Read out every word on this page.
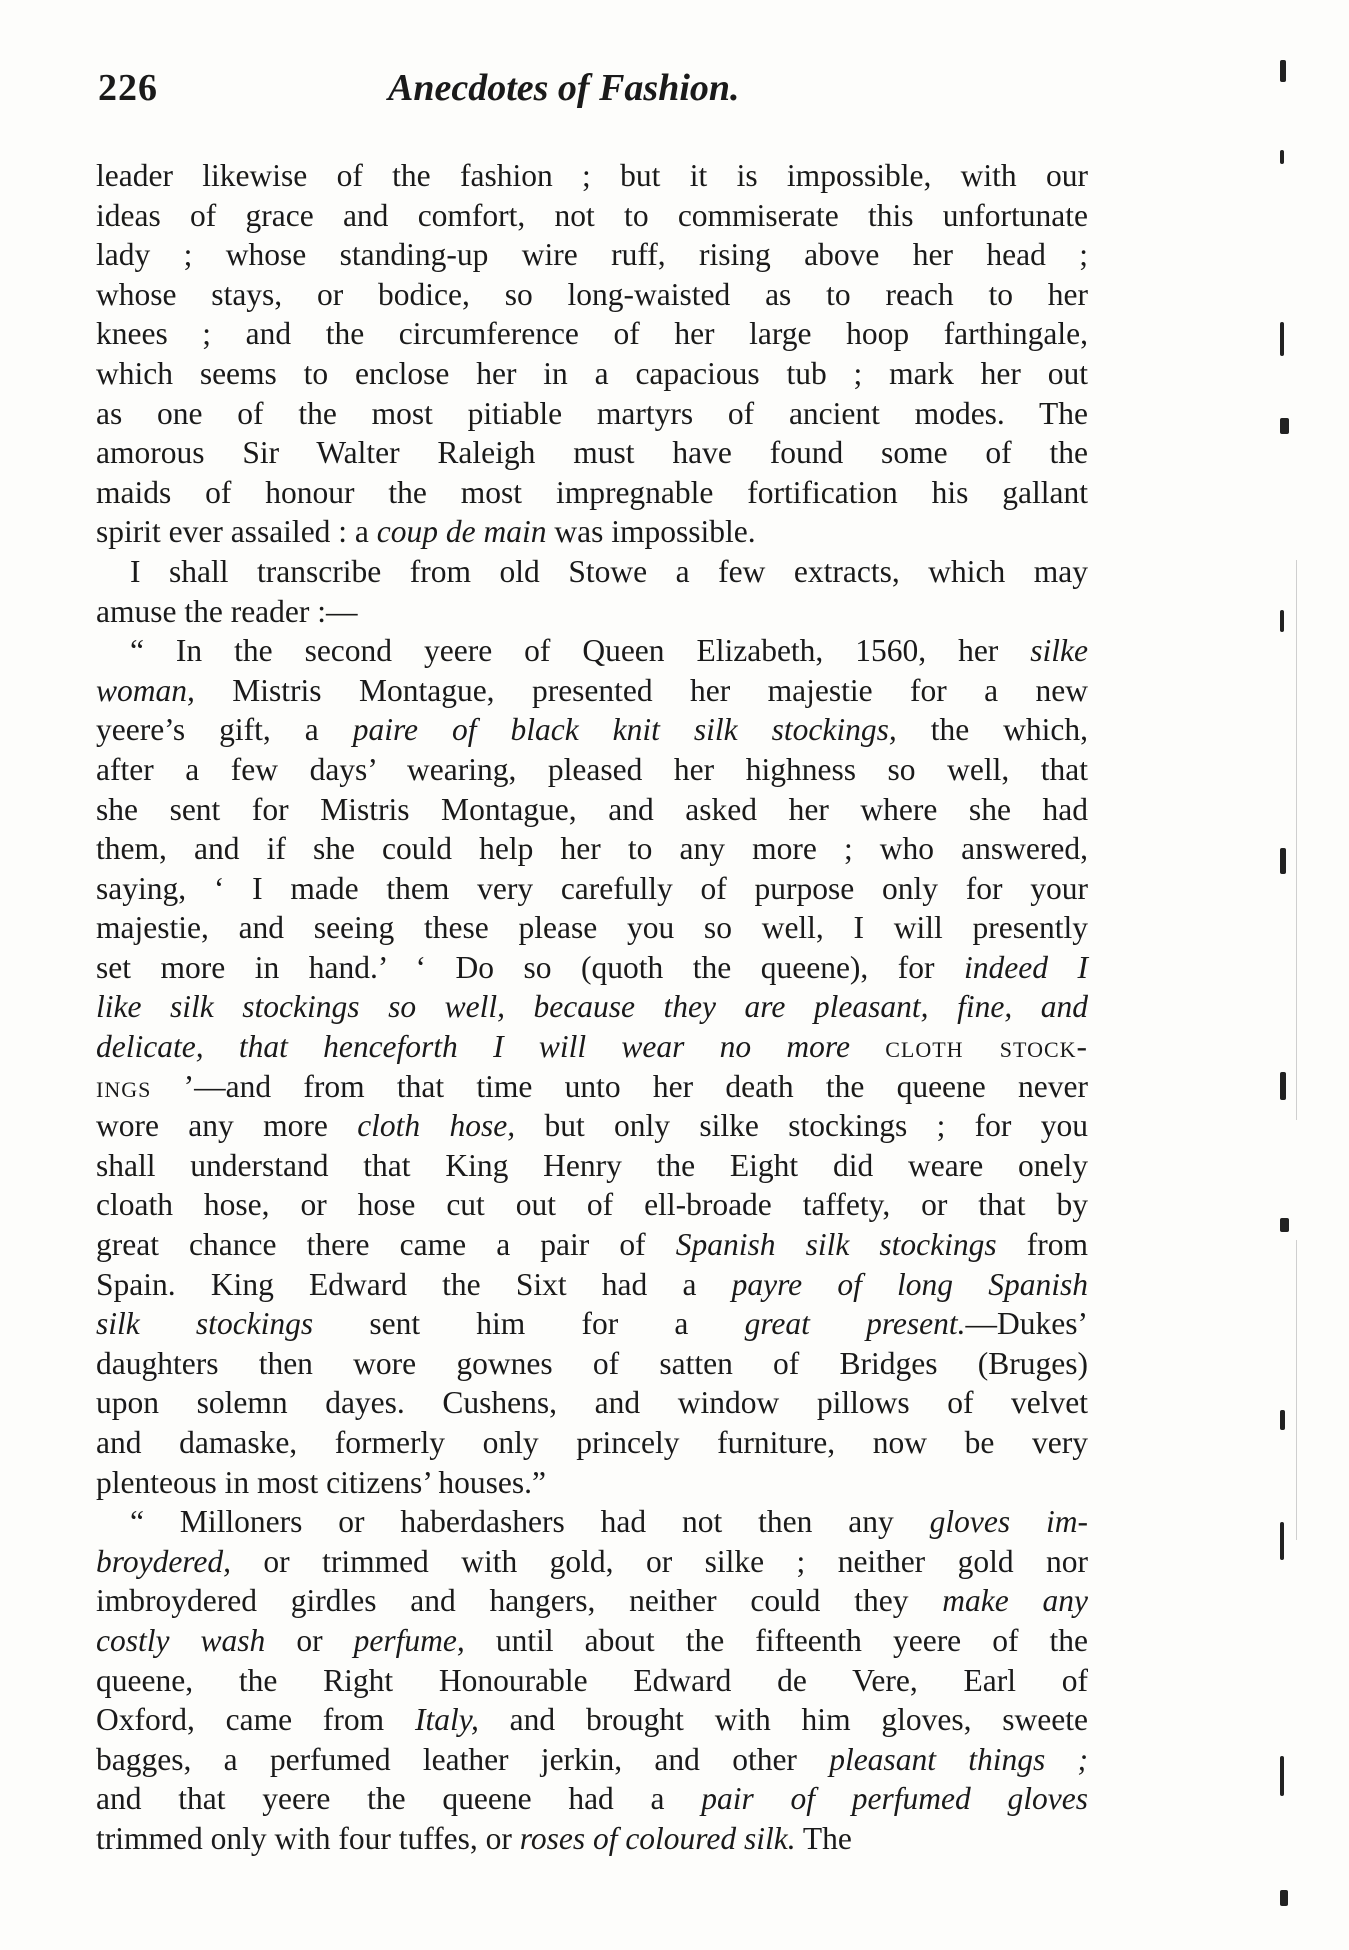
226	Anecdotes of Fashion.
leader likewise of the fashion ; but it is impossible, with our
ideas of grace and comfort, not to commiserate this unfortunate
lady ; whose standing-up wire ruff, rising above her head ;
whose stays, or bodice, so long-waisted as to reach to her
knees ; and the circumference of her large hoop farthingale,
which seems to enclose her in a capacious tub ; mark her out
as one of the most pitiable martyrs of ancient modes. The
amorous Sir Walter Raleigh must have found some of the
maids of honour the most impregnable fortification his gallant
spirit ever assailed : a coup de main was impossible.
I shall transcribe from old Stowe a few extracts, which may
amuse the reader :—
“ In the second yeere of Queen Elizabeth, 1560, her silke
woman, Mistris Montague, presented her majestie for a new
yeere’s gift, a paire of black knit silk stockings, the which,
after a few days’ wearing, pleased her highness so well, that
she sent for Mistris Montague, and asked her where she had
them, and if she could help her to any more ; who answered,
saying, ‘ I made them very carefully of purpose only for your
majestie, and seeing these please you so well, I will presently
set more in hand.’ ‘ Do so (quoth the queene), for indeed I
like silk stockings so well, because they are pleasant, fine, and
delicate, that henceforth I will wear no more cloth stock-
ings ’—and from that time unto her death the queene never
wore any more cloth hose, but only silke stockings ; for you
shall understand that King Henry the Eight did weare onely
cloath hose, or hose cut out of ell-broade taffety, or that by
great chance there came a pair of Spanish silk stockings from
Spain. King Edward the Sixt had a payre of long Spanish
silk stockings sent him for a great present.—Dukes’
daughters then wore gownes of satten of Bridges (Bruges)
upon solemn dayes. Cushens, and window pillows of velvet
and damaske, formerly only princely furniture, now be very
plenteous in most citizens’ houses.”
“ Milloners or haberdashers had not then any gloves im-
broydered, or trimmed with gold, or silke ; neither gold nor
imbroydered girdles and hangers, neither could they make any
costly wash or perfume, until about the fifteenth yeere of the
queene, the Right Honourable Edward de Vere, Earl of
Oxford, came from Italy, and brought with him gloves, sweete
bagges, a perfumed leather jerkin, and other pleasant things ;
and that yeere the queene had a pair of perfumed gloves
trimmed only with four tuffes, or roses of coloured silk. The
